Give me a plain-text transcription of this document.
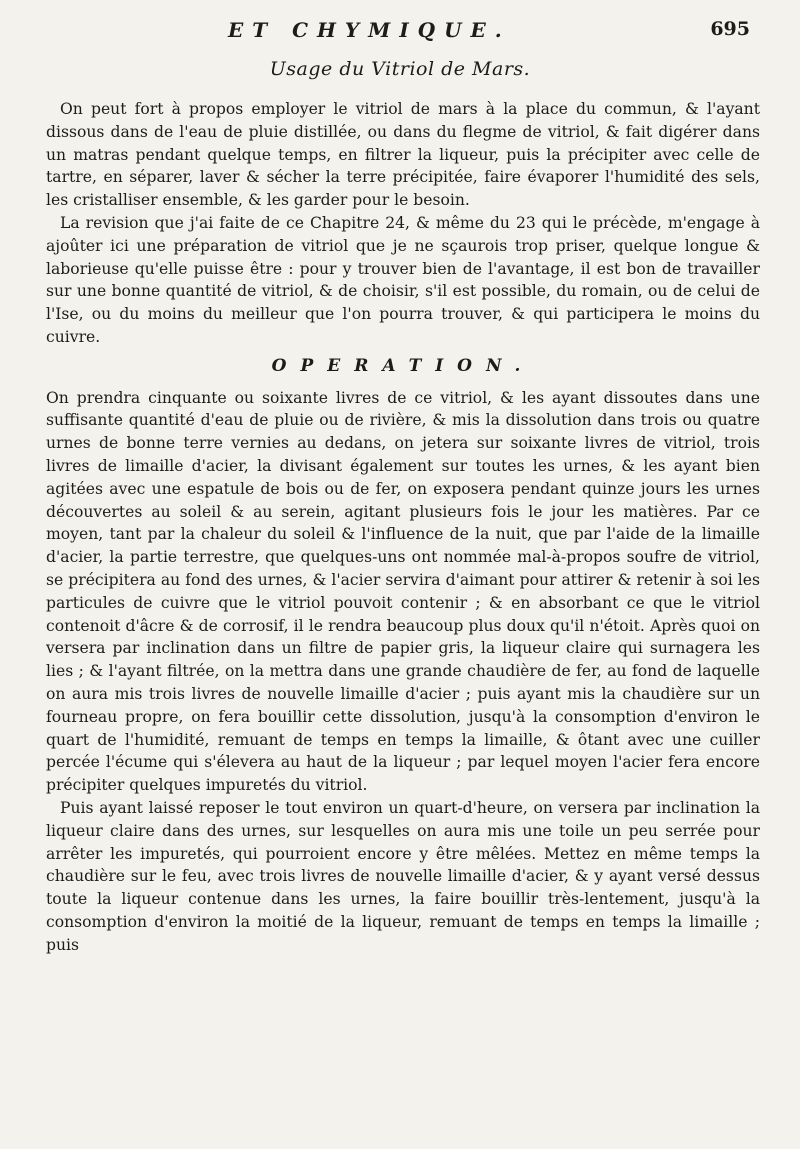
ET CHYMIQUE.	695
Usage du Vitriol de Mars.

On peut fort à propos employer le vitriol de mars à la place du commun, & l'ayant dissous dans de l'eau de pluie distillée, ou dans du flegme de vitriol, & fait digérer dans un matras pendant quelque temps, en filtrer la liqueur, puis la précipiter avec celle de tartre, en séparer, laver & sécher la terre précipitée, faire évaporer l'humidité des sels, les cristalliser ensemble, & les garder pour le besoin.

La revision que j'ai faite de ce Chapitre 24, & même du 23 qui le précède, m'engage à ajoûter ici une préparation de vitriol que je ne sçaurois trop priser, quelque longue & laborieuse qu'elle puisse être : pour y trouver bien de l'avantage, il est bon de travailler sur une bonne quantité de vitriol, & de choisir, s'il est possible, du romain, ou de celui de l'Ise, ou du moins du meilleur que l'on pourra trouver, & qui participera le moins du cuivre.

OPERATION.

On prendra cinquante ou soixante livres de ce vitriol, & les ayant dissoutes dans une suffisante quantité d'eau de pluie ou de rivière, & mis la dissolution dans trois ou quatre urnes de bonne terre vernies au dedans, on jetera sur soixante livres de vitriol, trois livres de limaille d'acier, la divisant également sur toutes les urnes, & les ayant bien agitées avec une espatule de bois ou de fer, on exposera pendant quinze jours les urnes découvertes au soleil & au serein, agitant plusieurs fois le jour les matières. Par ce moyen, tant par la chaleur du soleil & l'influence de la nuit, que par l'aide de la limaille d'acier, la partie terrestre, que quelques-uns ont nommée mal-à-propos soufre de vitriol, se précipitera au fond des urnes, & l'acier servira d'aimant pour attirer & retenir à soi les particules de cuivre que le vitriol pouvoit contenir ; & en absorbant ce que le vitriol contenoit d'âcre & de corrosif, il le rendra beaucoup plus doux qu'il n'étoit. Après quoi on versera par inclination dans un filtre de papier gris, la liqueur claire qui surnagera les lies ; & l'ayant filtrée, on la mettra dans une grande chaudière de fer, au fond de laquelle on aura mis trois livres de nouvelle limaille d'acier ; puis ayant mis la chaudière sur un fourneau propre, on fera bouillir cette dissolution, jusqu'à la consomption d'environ le quart de l'humidité, remuant de temps en temps la limaille, & ôtant avec une cuiller percée l'écume qui s'élevera au haut de la liqueur ; par lequel moyen l'acier fera encore précipiter quelques impuretés du vitriol.

Puis ayant laissé reposer le tout environ un quart-d'heure, on versera par inclination la liqueur claire dans des urnes, sur lesquelles on aura mis une toile un peu serrée pour arrêter les impuretés, qui pourroient encore y être mêlées. Mettez en même temps la chaudière sur le feu, avec trois livres de nouvelle limaille d'acier, & y ayant versé dessus toute la liqueur contenue dans les urnes, la faire bouillir très-lentement, jusqu'à la consomption d'environ la moitié de la liqueur, remuant de temps en temps la limaille ; puis
